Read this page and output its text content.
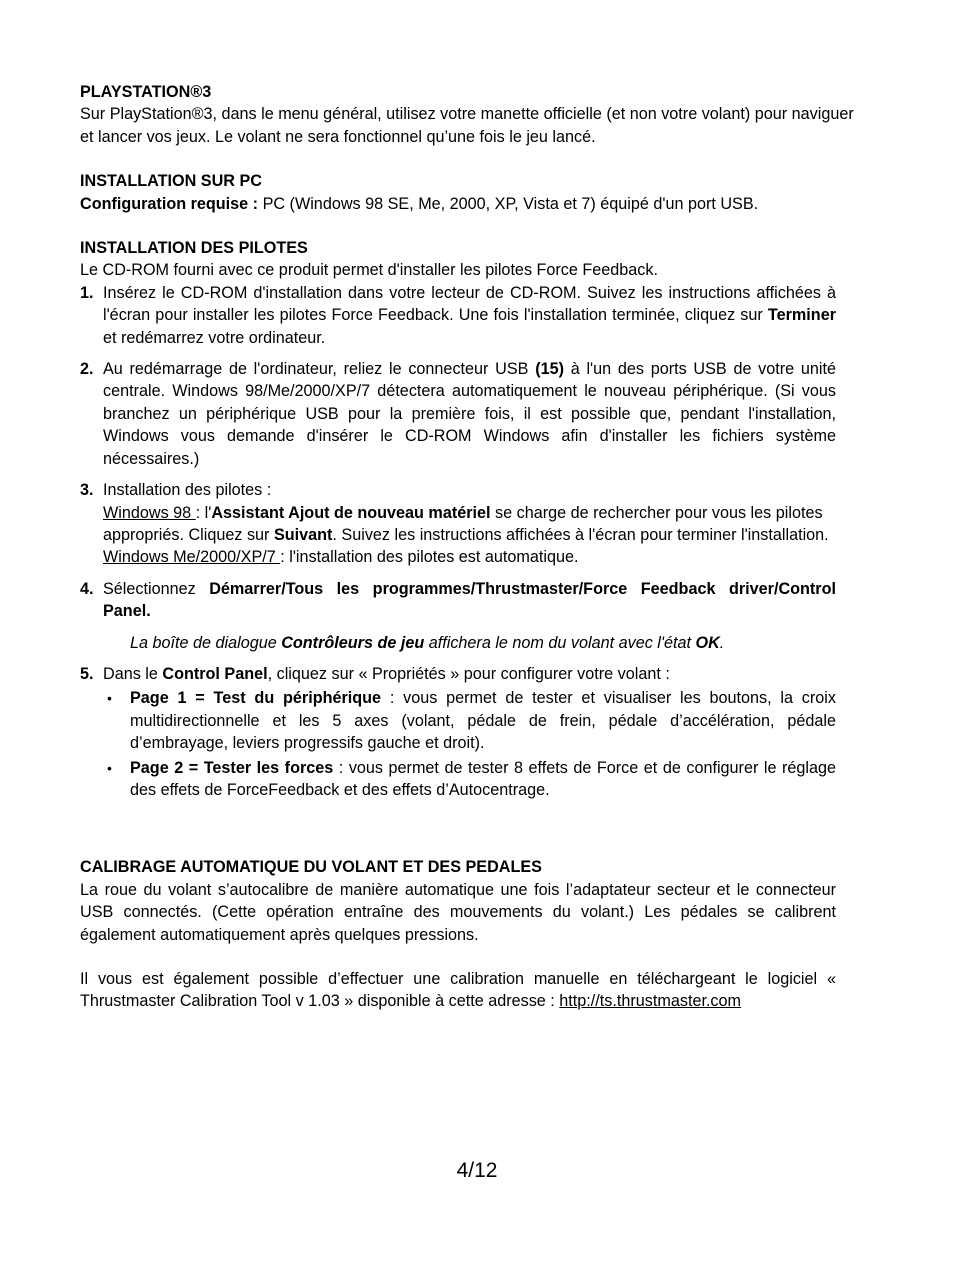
PLAYSTATION®3

Sur PlayStation®3, dans le menu général, utilisez votre manette officielle (et non votre volant) pour naviguer et lancer vos jeux. Le volant ne sera fonctionnel qu’une fois le jeu lancé.

INSTALLATION SUR PC

Configuration requise : PC (Windows 98 SE, Me, 2000, XP, Vista et 7) équipé d'un port USB.

INSTALLATION DES PILOTES

Le CD-ROM fourni avec ce produit permet d'installer les pilotes Force Feedback.

1. Insérez le CD-ROM d'installation dans votre lecteur de CD-ROM. Suivez les instructions affichées à l'écran pour installer les pilotes Force Feedback. Une fois l'installation terminée, cliquez sur Terminer et redémarrez votre ordinateur.

2. Au redémarrage de l'ordinateur, reliez le connecteur USB (15) à l'un des ports USB de votre unité centrale. Windows 98/Me/2000/XP/7 détectera automatiquement le nouveau périphérique. (Si vous branchez un périphérique USB pour la première fois, il est possible que, pendant l'installation, Windows vous demande d'insérer le CD-ROM Windows afin d'installer les fichiers système nécessaires.)

3. Installation des pilotes :

Windows 98 : l'Assistant Ajout de nouveau matériel se charge de rechercher pour vous les pilotes appropriés. Cliquez sur Suivant. Suivez les instructions affichées à l'écran pour terminer l'installation.

Windows Me/2000/XP/7 : l'installation des pilotes est automatique.

4. Sélectionnez Démarrer/Tous les programmes/Thrustmaster/Force Feedback driver/Control Panel.

La boîte de dialogue Contrôleurs de jeu affichera le nom du volant avec l'état OK.

5. Dans le Control Panel, cliquez sur « Propriétés » pour configurer votre volant :

• Page 1 = Test du périphérique : vous permet de tester et visualiser les boutons, la croix multidirectionnelle et les 5 axes (volant, pédale de frein, pédale d’accélération, pédale d’embrayage, leviers progressifs gauche et droit).

• Page 2 = Tester les forces : vous permet de tester 8 effets de Force et de configurer le réglage des effets de ForceFeedback et des effets d’Autocentrage.

CALIBRAGE AUTOMATIQUE DU VOLANT ET DES PEDALES

La roue du volant s’autocalibre de manière automatique une fois l’adaptateur secteur et le connecteur USB connectés. (Cette opération entraîne des mouvements du volant.) Les pédales se calibrent également automatiquement après quelques pressions.

Il vous est également possible d’effectuer une calibration manuelle en téléchargeant le logiciel « Thrustmaster Calibration Tool v 1.03 » disponible à cette adresse : http://ts.thrustmaster.com

4/12
